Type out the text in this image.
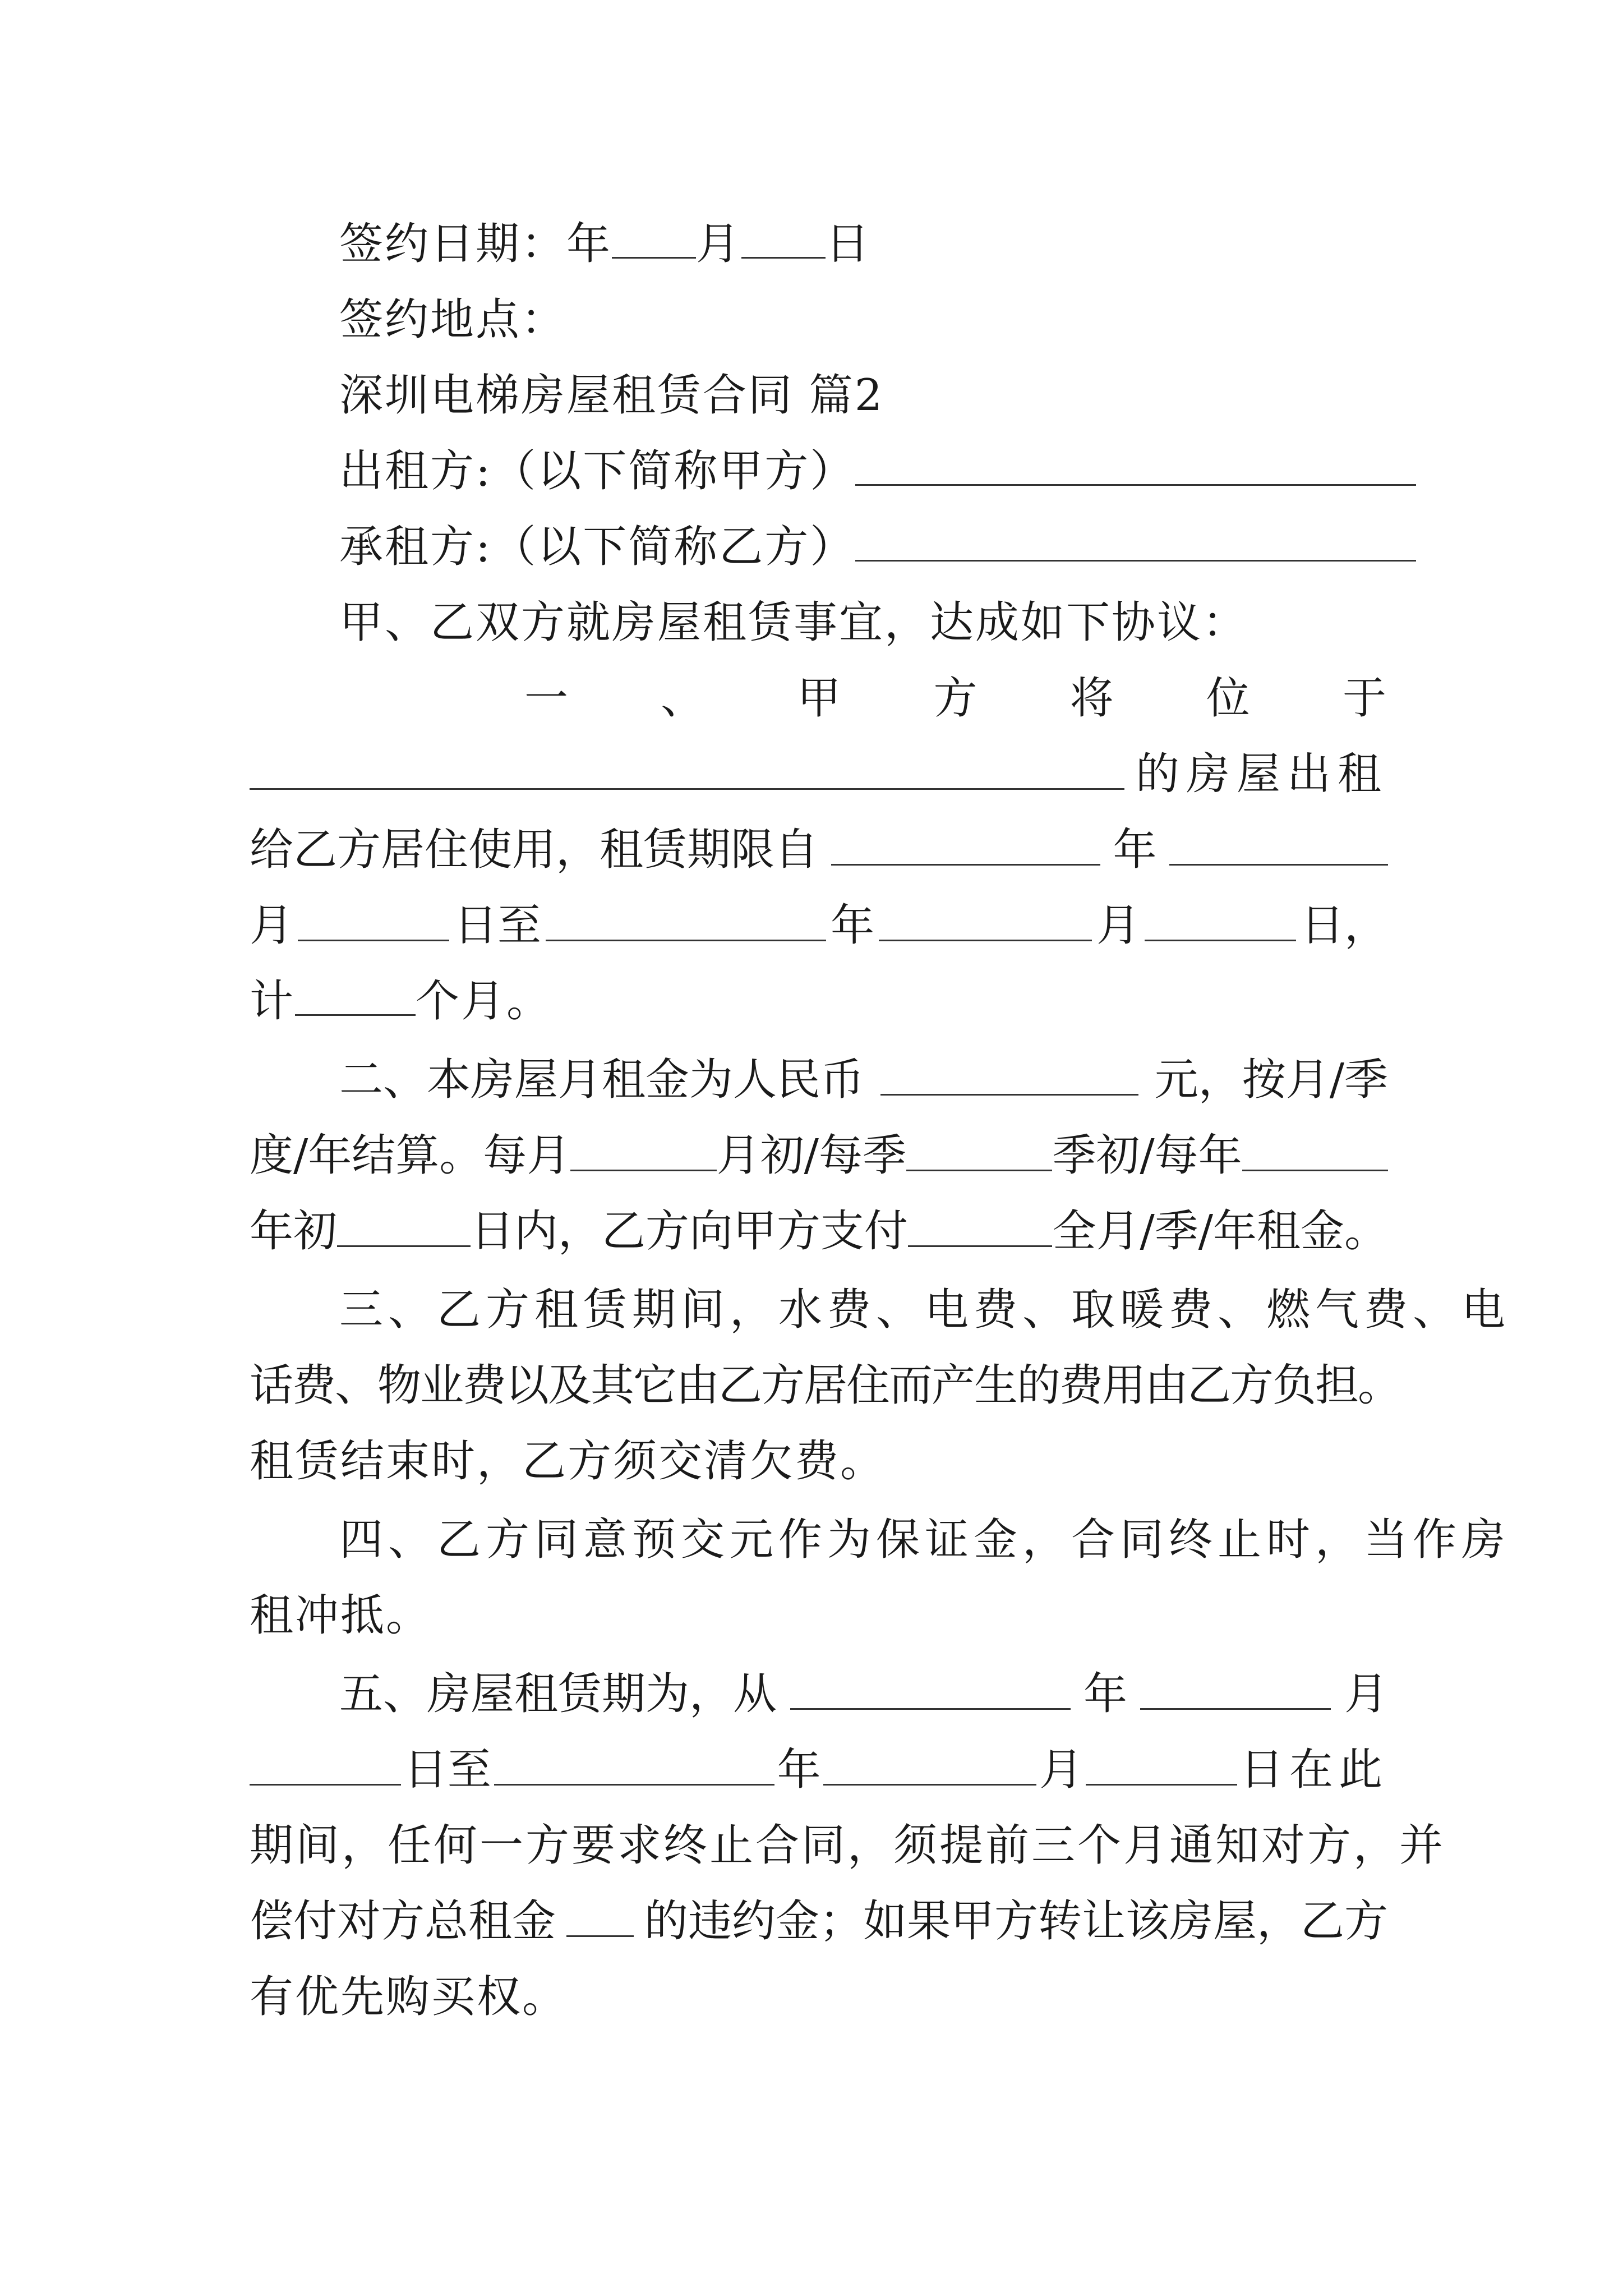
签约日期：年 月 日
签约地点：
深圳电梯房屋租赁合同 篇2
出租方:（以下简称甲方）
承租方:（以下简称乙方）
甲、乙双方就房屋租赁事宜，达成如下协议：
一 、 甲 方 将 位 于
的房屋出租
给乙方居住使用，租赁期限自	年
月	日至	年	月	日，
计	个月。
二、本房屋月租金为人民币	元，按月/季
度/年结算。每月	月初/每季	季初/每年
年初	日内，乙方向甲方支付	全月/季/年租金。
三、乙方租赁期间，水费、电费、取暖费、燃气费、电
话费、物业费以及其它由乙方居住而产生的费用由乙方负担。
租赁结束时，乙方须交清欠费。
四、乙方同意预交元作为保证金，合同终止时，当作房
租冲抵。
五、房屋租赁期为，从	年	月
日至	年	月	日在此
期间，任何一方要求终止合同，须提前三个月通知对方，并
偿付对方总租金 的违约金；如果甲方转让该房屋，乙方
有优先购买权。
